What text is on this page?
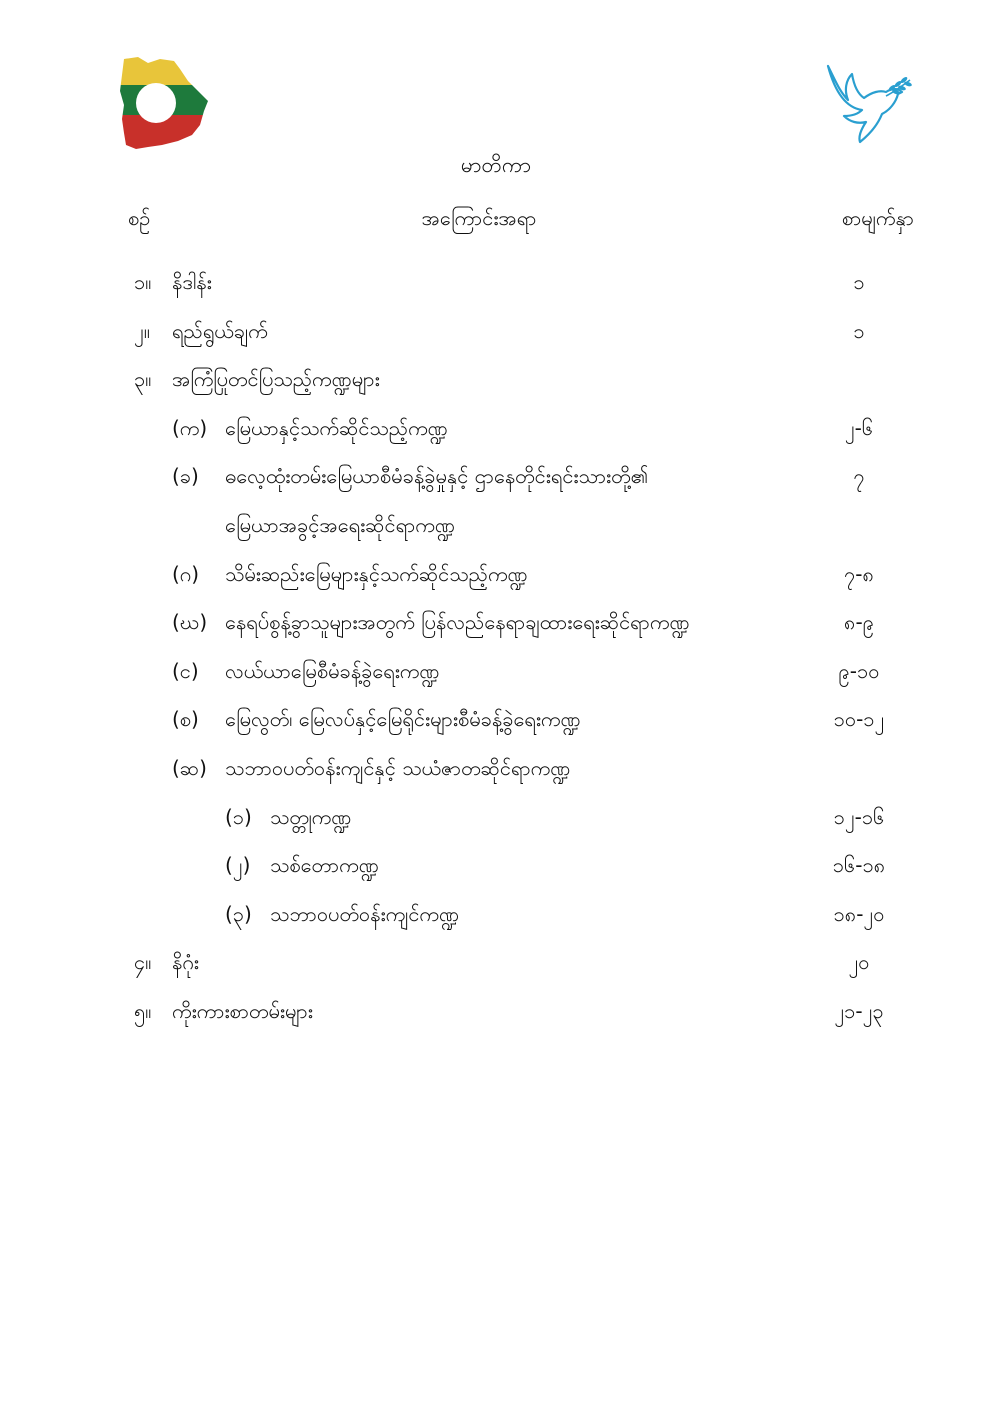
မာတိကာ
စဉ်	အကြောင်းအရာ	စာမျက်နှာ
၁။ နိဒါန်း	၁
၂။ ရည်ရွယ်ချက်	၁
၃။ အကြံပြုတင်ပြသည့်ကဏ္ဍများ
(က) မြေယာနှင့်သက်ဆိုင်သည့်ကဏ္ဍ	၂-၆
(ခ) ဓလေ့ထုံးတမ်းမြေယာစီမံခန့်ခွဲမှုနှင့် ဌာနေတိုင်းရင်းသားတို့၏	၇
မြေယာအခွင့်အရေးဆိုင်ရာကဏ္ဍ
(ဂ) သိမ်းဆည်းမြေများနှင့်သက်ဆိုင်သည့်ကဏ္ဍ	၇-၈
(ဃ) နေရပ်စွန့်ခွာသူများအတွက် ပြန်လည်နေရာချထားရေးဆိုင်ရာကဏ္ဍ	၈-၉
(င) လယ်ယာမြေစီမံခန့်ခွဲရေးကဏ္ဍ	၉-၁၀
(စ) မြေလွတ်၊ မြေလပ်နှင့်မြေရိုင်းများစီမံခန့်ခွဲရေးကဏ္ဍ	၁၀-၁၂
(ဆ) သဘာဝပတ်ဝန်းကျင်နှင့် သယံဇာတဆိုင်ရာကဏ္ဍ
(၁) သတ္တုကဏ္ဍ	၁၂-၁၆
(၂) သစ်တောကဏ္ဍ	၁၆-၁၈
(၃) သဘာဝပတ်ဝန်းကျင်ကဏ္ဍ	၁၈-၂၀
၄။ နိဂုံး	၂၀
၅။ ကိုးကားစာတမ်းများ	၂၁-၂၃
